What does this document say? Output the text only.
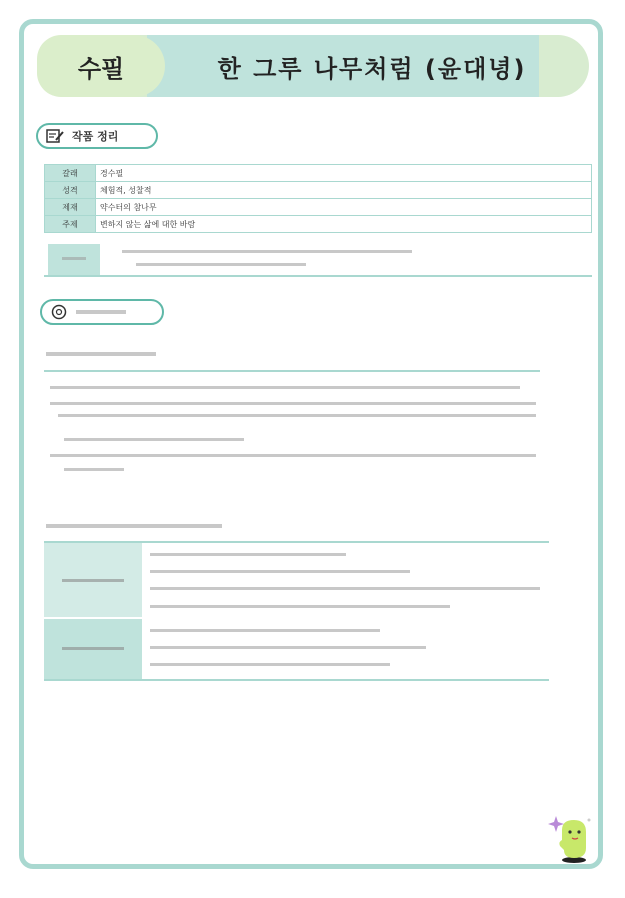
수필	한 그루 나무처럼 (윤대녕)
작품 정리
갈래	경수필
성격	체험적, 성찰적
제재	약수터의 참나무
주제	변하지 않는 삶에 대한 바람
